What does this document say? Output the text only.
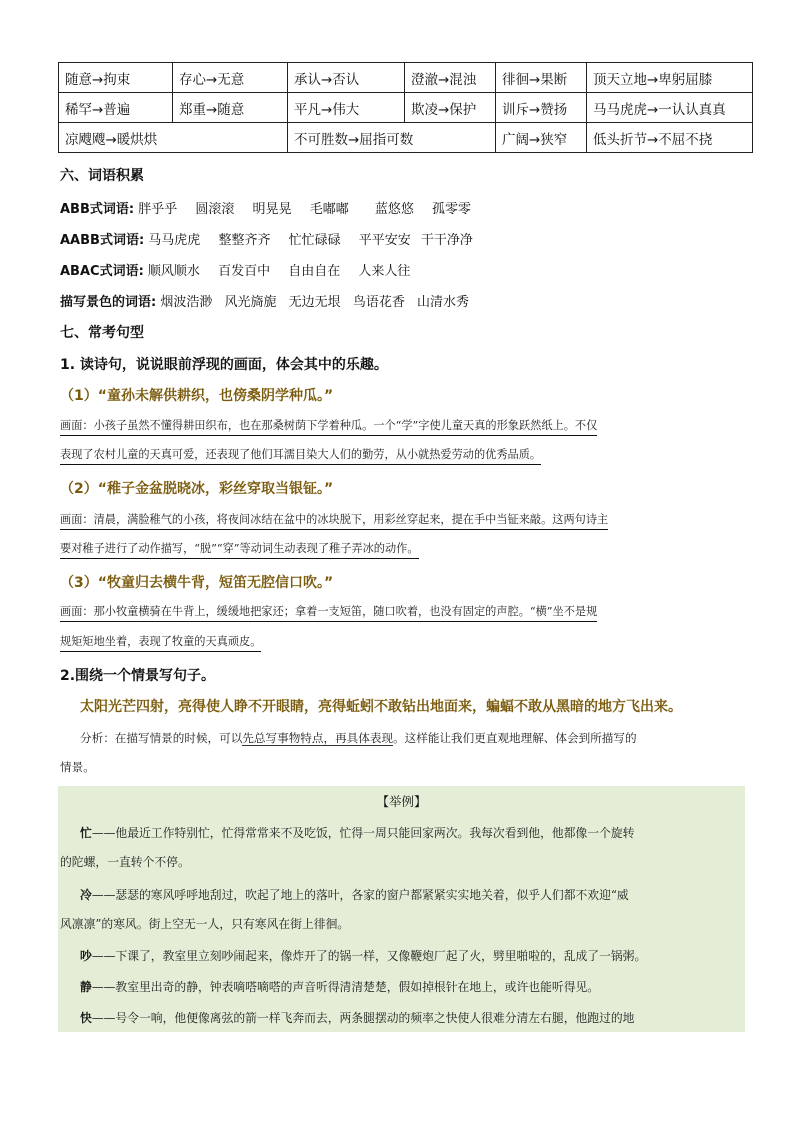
随意→拘束	存心→无意	承认→否认	澄澈→混浊	徘徊→果断	顶天立地→卑躬屈膝
稀罕→普遍	郑重→随意	平凡→伟大	欺凌→保护	训斥→赞扬	马马虎虎→一认认真真
凉飕飕→暖烘烘		不可胜数→屈指可数		广阔→狭窄	低头折节→不屈不挠
六、词语积累
ABB式词语: 胖乎乎 圆滚滚 明晃晃 毛嘟嘟 蓝悠悠 孤零零
AABB式词语: 马马虎虎 整整齐齐 忙忙碌碌 平平安安 干干净净
ABAC式词语: 顺风顺水 百发百中 自由自在 人来人往
描写景色的词语: 烟波浩渺 风光旖旎 无边无垠 鸟语花香 山清水秀
七、常考句型
1. 读诗句，说说眼前浮现的画面，体会其中的乐趣。
（1）“童孙未解供耕织，也傍桑阴学种瓜。”
画面：小孩子虽然不懂得耕田织布，也在那桑树荫下学着种瓜。一个“学”字使儿童天真的形象跃然纸上。不仅
表现了农村儿童的天真可爱，还表现了他们耳濡目染大人们的勤劳，从小就热爱劳动的优秀品质。
（2）“稚子金盆脱晓冰，彩丝穿取当银钲。”
画面：清晨，满脸稚气的小孩，将夜间冰结在盆中的冰块脱下，用彩丝穿起来，提在手中当钲来敲。这两句诗主
要对稚子进行了动作描写，“脱”“穿”等动词生动表现了稚子弄冰的动作。
（3）“牧童归去横牛背，短笛无腔信口吹。”
画面：那小牧童横骑在牛背上，缓缓地把家还；拿着一支短笛，随口吹着，也没有固定的声腔。“横”坐不是规
规矩矩地坐着，表现了牧童的天真顽皮。
2.围绕一个情景写句子。
太阳光芒四射，亮得使人睁不开眼睛，亮得蚯蚓不敢钻出地面来，蝙蝠不敢从黑暗的地方飞出来。
分析：在描写情景的时候，可以先总写事物特点，再具体表现。这样能让我们更直观地理解、体会到所描写的
情景。
【举例】
忙——他最近工作特别忙，忙得常常来不及吃饭，忙得一周只能回家两次。我每次看到他，他都像一个旋转
的陀螺，一直转个不停。
冷——瑟瑟的寒风呼呼地刮过，吹起了地上的落叶，各家的窗户都紧紧实实地关着，似乎人们都不欢迎“威
风凛凛”的寒风。街上空无一人，只有寒风在街上徘徊。
吵——下课了，教室里立刻吵闹起来，像炸开了的锅一样，又像鞭炮厂起了火，劈里啪啦的，乱成了一锅粥。
静——教室里出奇的静，钟表嘀嗒嘀嗒的声音听得清清楚楚，假如掉根针在地上，或许也能听得见。
快——号令一响，他便像离弦的箭一样飞奔而去，两条腿摆动的频率之快使人很难分清左右腿，他跑过的地
